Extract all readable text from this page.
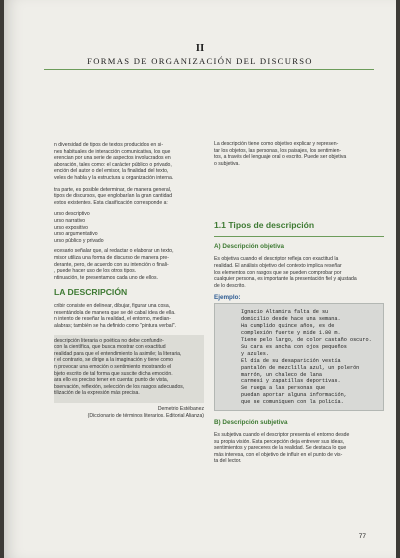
II
FORMAS DE ORGANIZACIÓN DEL DISCURSO

n diversidad de tipos de textos producidos en si-
nes habituales de interacción comunicativa, los que
erencian por una serie de aspectos involucrados en
aboración, tales como: el carácter público o privado,
ención del autor o del emisor, la finalidad del texto,
veles de habla y la estructura u organización interna.

tra parte, es posible determinar, de manera general,
tipos de discursos, que englobarían la gran cantidad
extos existentes. Esta clasificación corresponde a:

urso descriptivo
urso narrativo
urso expositivo
urso argumentativo
urso público y privado

ecesario señalar que, al redactar o elaborar un texto,
misor utiliza una forma de discurso de manera pre-
derante, pero, de acuerdo con su intención o finali-
, puede hacer uso de los otros tipos.
ntinuación, te presentamos cada uno de ellos.

LA DESCRIPCIÓN

cribir consiste en delinear, dibujar, figurar una cosa,
resentándola de manera que se dé cabal idea de ella.
n intento de reseñar la realidad, el entorno, median-
alabras; también se ha definido como "pintura verbal".

descripción literaria o poética no debe confundir-
con la científica, que busca mostrar con exactitud
realidad para que el entendimiento la asimile; la literaria,
r el contrario, se dirige a la imaginación y tiene como
n provocar una emoción o sentimiento mostrando el
bjeto escrito de tal forma que suscite dicha emoción.
ara ello es preciso tener en cuenta: punto de vista,
bservación, reflexión, selección de los rasgos adecuados,
tilización de la expresión más precisa.

Demetrio Estébanez
(Diccionario de términos literarios. Editorial Alianza)

La descripción tiene como objetivo explicar y represen-
tar los objetos, las personas, los paisajes, los sentimien-
tos, a través del lenguaje oral o escrito. Puede ser objetiva
o subjetiva.

1.1 Tipos de descripción
A) Descripción objetiva

Es objetiva cuando el descriptor refleja con exactitud la
realidad. El análisis objetivo del contexto implica reseñar
los elementos con rasgos que se pueden comprobar por
cualquier persona, es importante la presentación fiel y ajustada
de lo descrito.

Ejemplo:
Ignacio Altamira falta de su
domicilio desde hace una semana.
Ha cumplido quince años, es de
complexión fuerte y mide 1.80 m.
Tiene pelo largo, de color castaño oscuro.
Su cara es ancha con ojos pequeños
y azules.
El día de su desaparición vestía
pantalón de mezclilla azul, un polerón
marrón, un chaleco de lana
carmesí y zapatillas deportivas.
Se ruega a las personas que
puedan aportar alguna información,
que se comuniquen con la policía.
B) Descripción subjetiva

Es subjetiva cuando el descriptor presenta el entorno desde
su propia visión. Esta percepción deja entrever sus ideas,
sentimientos y pareceres de la realidad. Se destaca lo que
más interesa, con el objetivo de influir en el punto de vis-
ta del lector.

77
